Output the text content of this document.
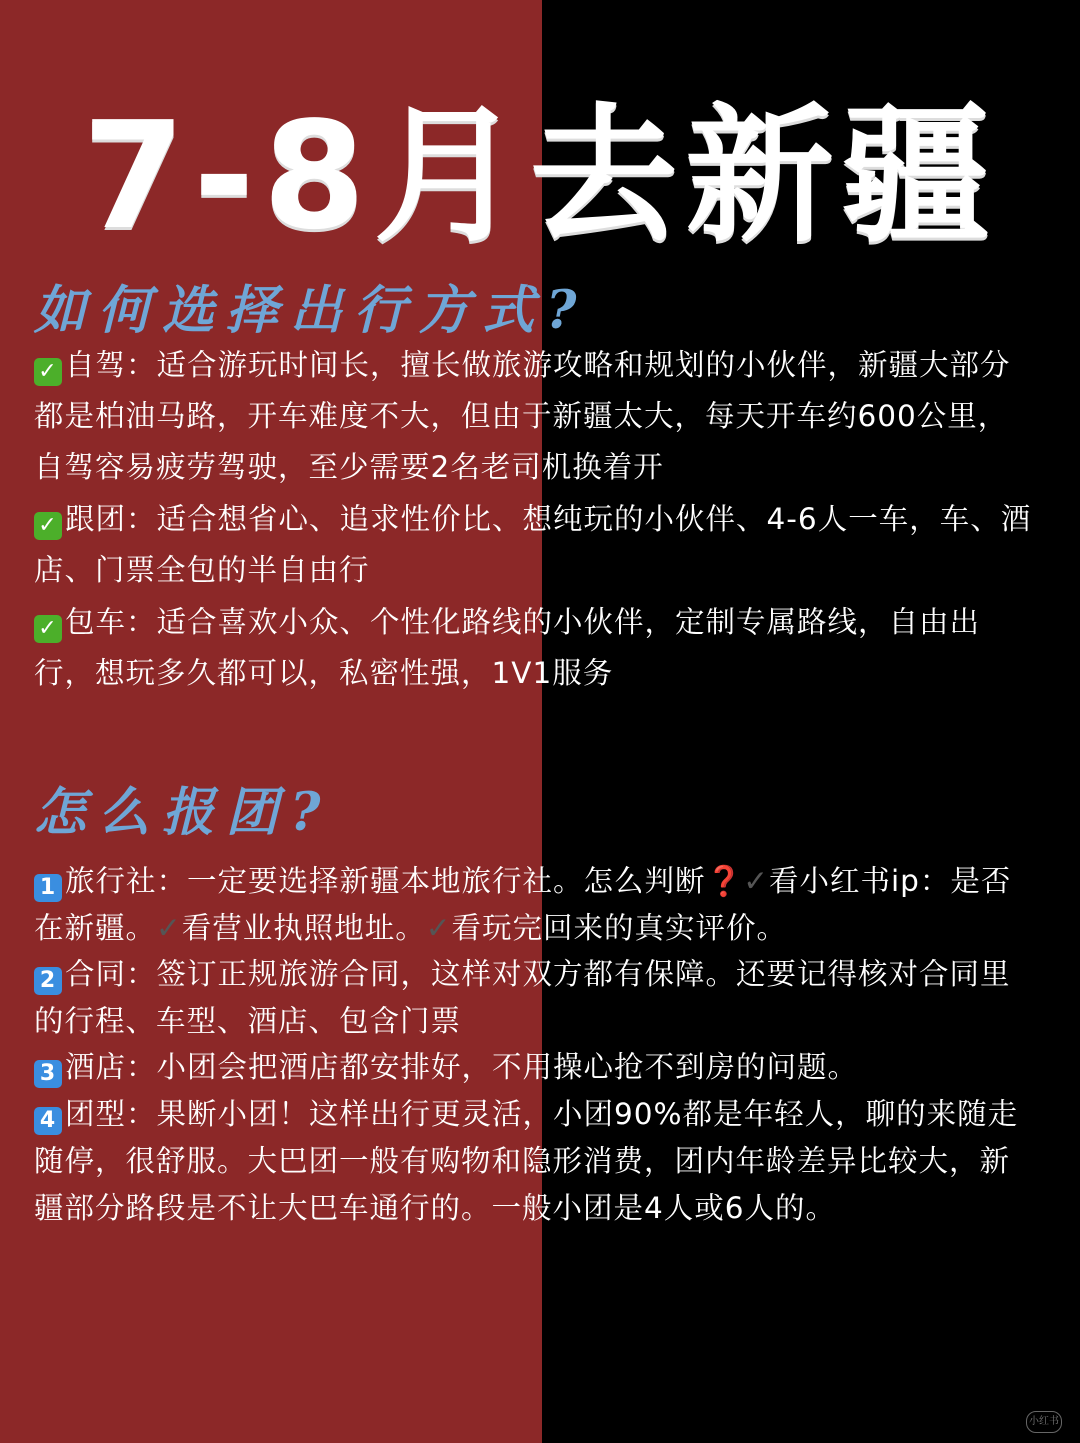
7-8月去新疆
如何选择出行方式?
✓ 自驾：适合游玩时间长，擅长做旅游攻略和规划的小伙伴，新疆大部分都是柏油马路，开车难度不大，但由于新疆太大，每天开车约600公里，自驾容易疲劳驾驶，至少需要2名老司机换着开
✓ 跟团：适合想省心、追求性价比、想纯玩的小伙伴、4-6人一车，车、酒店、门票全包的半自由行
✓ 包车：适合喜欢小众、个性化路线的小伙伴，定制专属路线，自由出行，想玩多久都可以，私密性强，1V1服务
怎么报团?
1 旅行社：一定要选择新疆本地旅行社。怎么判断❓✓看小红书ip：是否在新疆。✓看营业执照地址。✓看玩完回来的真实评价。
2 合同：签订正规旅游合同，这样对双方都有保障。还要记得核对合同里的行程、车型、酒店、包含门票
3 酒店：小团会把酒店都安排好，不用操心抢不到房的问题。
4 团型：果断小团！这样出行更灵活，小团90%都是年轻人，聊的来随走随停，很舒服。大巴团一般有购物和隐形消费，团内年龄差异比较大，新疆部分路段是不让大巴车通行的。一般小团是4人或6人的。
小红书
